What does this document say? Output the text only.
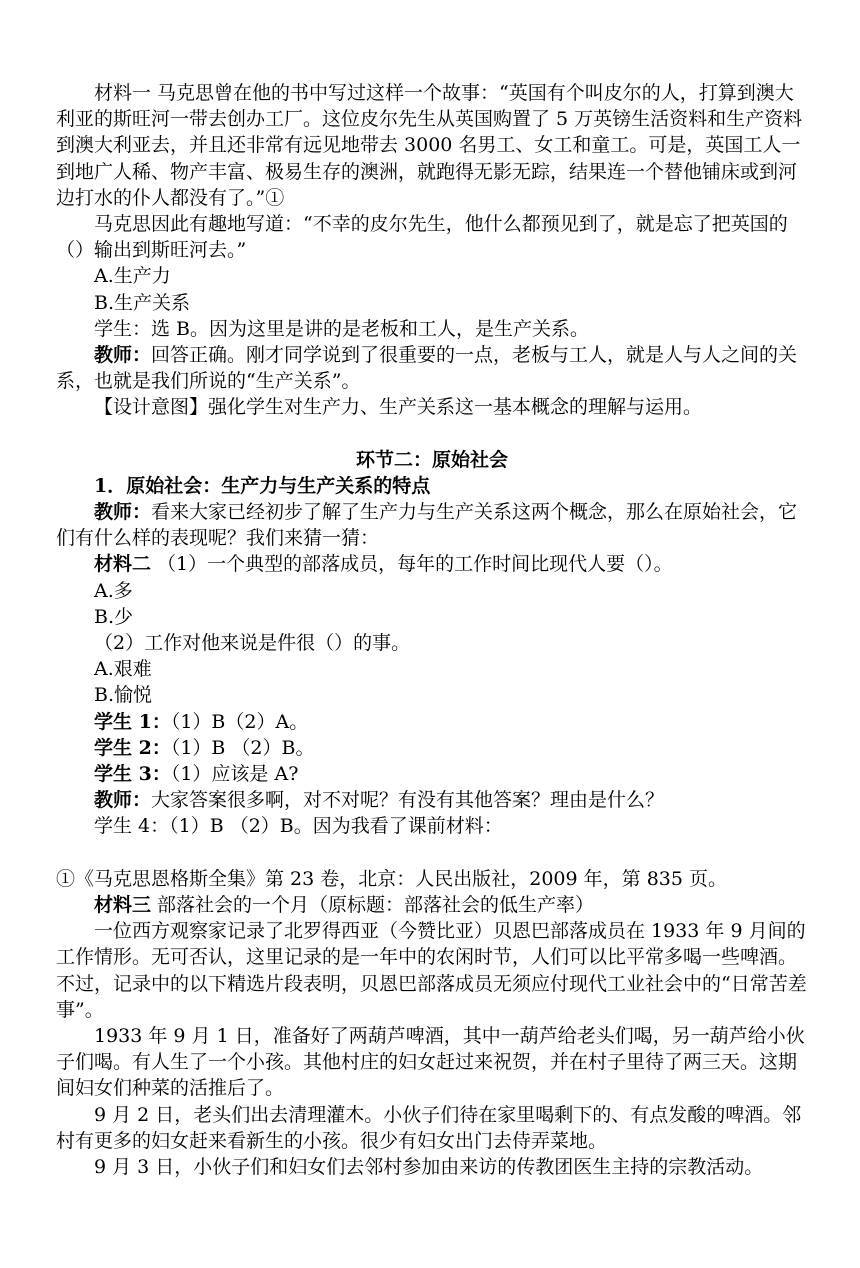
材料一 马克思曾在他的书中写过这样一个故事：“英国有个叫皮尔的人，打算到澳大利亚的斯旺河一带去创办工厂。这位皮尔先生从英国购置了 5 万英镑生活资料和生产资料到澳大利亚去，并且还非常有远见地带去 3000 名男工、女工和童工。可是，英国工人一到地广人稀、物产丰富、极易生存的澳洲，就跑得无影无踪，结果连一个替他铺床或到河边打水的仆人都没有了。”①

马克思因此有趣地写道：“不幸的皮尔先生，他什么都预见到了，就是忘了把英国的（）输出到斯旺河去。”

A.生产力

B.生产关系

学生：选 B。因为这里是讲的是老板和工人，是生产关系。

教师：回答正确。刚才同学说到了很重要的一点，老板与工人，就是人与人之间的关系，也就是我们所说的“生产关系”。

【设计意图】强化学生对生产力、生产关系这一基本概念的理解与运用。

环节二：原始社会

1．原始社会：生产力与生产关系的特点

教师：看来大家已经初步了解了生产力与生产关系这两个概念，那么在原始社会，它们有什么样的表现呢？我们来猜一猜：

材料二 （1）一个典型的部落成员，每年的工作时间比现代人要（）。

A.多

B.少

（2）工作对他来说是件很（）的事。

A.艰难

B.愉悦

学生 1：（1）B（2）A。

学生 2：（1）B （2）B。

学生 3：（1）应该是 A?

教师：大家答案很多啊，对不对呢？有没有其他答案？理由是什么？

学生 4：（1）B （2）B。因为我看了课前材料：

①《马克思恩格斯全集》第 23 卷，北京：人民出版社，2009 年，第 835 页。

材料三 部落社会的一个月（原标题：部落社会的低生产率）

一位西方观察家记录了北罗得西亚（今赞比亚）贝恩巴部落成员在 1933 年 9 月间的工作情形。无可否认，这里记录的是一年中的农闲时节，人们可以比平常多喝一些啤酒。不过，记录中的以下精选片段表明，贝恩巴部落成员无须应付现代工业社会中的“日常苦差事”。

1933 年 9 月 1 日，准备好了两葫芦啤酒，其中一葫芦给老头们喝，另一葫芦给小伙子们喝。有人生了一个小孩。其他村庄的妇女赶过来祝贺，并在村子里待了两三天。这期间妇女们种菜的活推后了。

9 月 2 日，老头们出去清理灌木。小伙子们待在家里喝剩下的、有点发酸的啤酒。邻村有更多的妇女赶来看新生的小孩。很少有妇女出门去侍弄菜地。

9 月 3 日，小伙子们和妇女们去邻村参加由来访的传教团医生主持的宗教活动。
